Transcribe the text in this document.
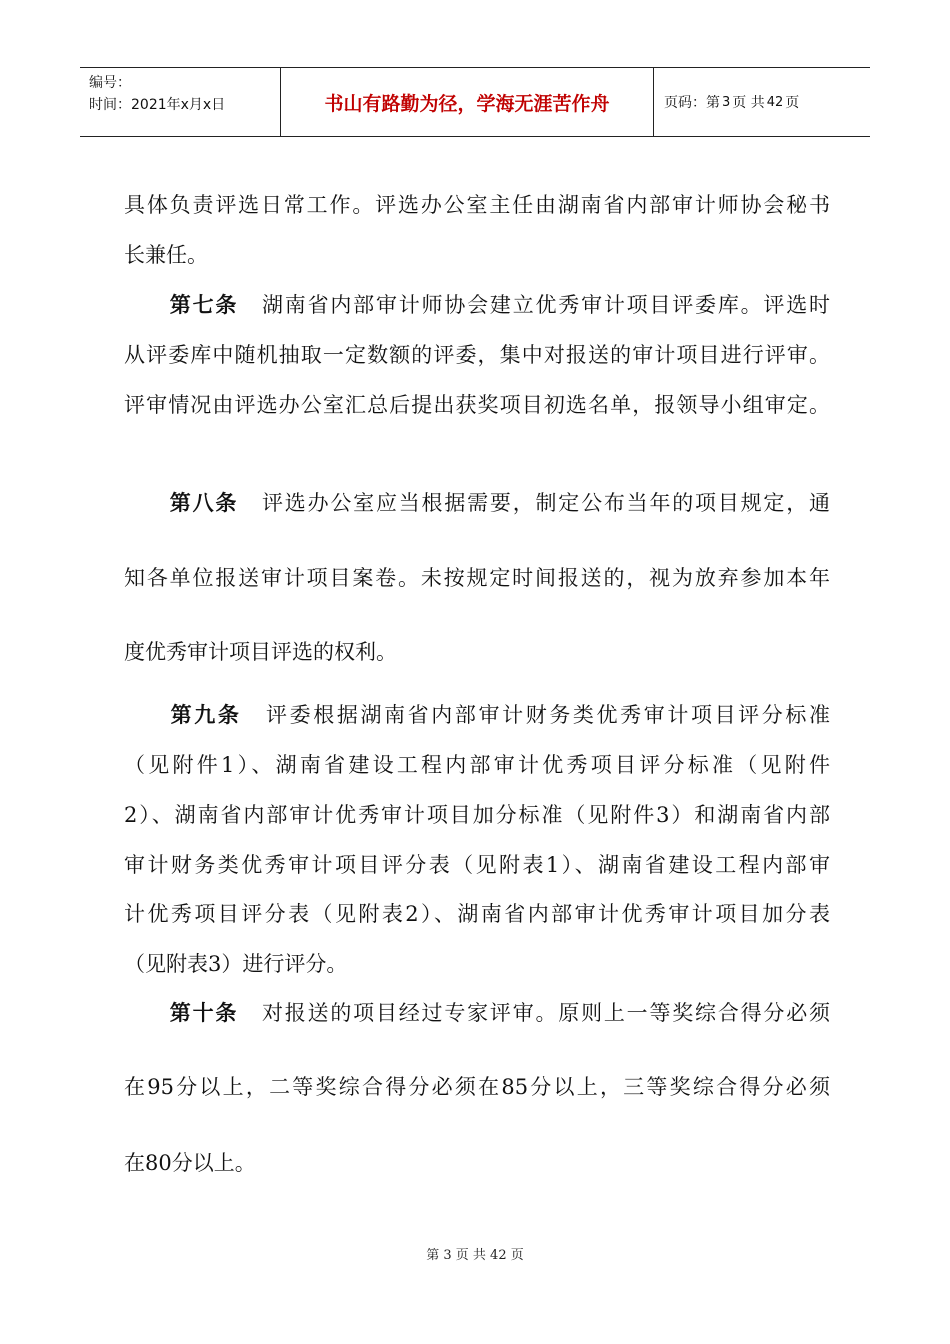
编号：
时间：2021年x月x日	书山有路勤为径，学海无涯苦作舟	页码：第 3 页 共 42 页
具体负责评选日常工作。评选办公室主任由湖南省内部审计师协会秘书
长兼任。
第七条 湖南省内部审计师协会建立优秀审计项目评委库。评选时
从评委库中随机抽取一定数额的评委，集中对报送的审计项目进行评审。
评审情况由评选办公室汇总后提出获奖项目初选名单，报领导小组审定。
第八条 评选办公室应当根据需要，制定公布当年的项目规定，通
知各单位报送审计项目案卷。未按规定时间报送的，视为放弃参加本年
度优秀审计项目评选的权利。
第九条 评委根据湖南省内部审计财务类优秀审计项目评分标准
（见附件1）、湖南省建设工程内部审计优秀项目评分标准（见附件
2）、湖南省内部审计优秀审计项目加分标准（见附件3）和湖南省内部
审计财务类优秀审计项目评分表（见附表1）、湖南省建设工程内部审
计优秀项目评分表（见附表2）、湖南省内部审计优秀审计项目加分表
（见附表3）进行评分。
第十条 对报送的项目经过专家评审。原则上一等奖综合得分必须
在95分以上，二等奖综合得分必须在85分以上，三等奖综合得分必须
在80分以上。
第 3 页 共 42 页
